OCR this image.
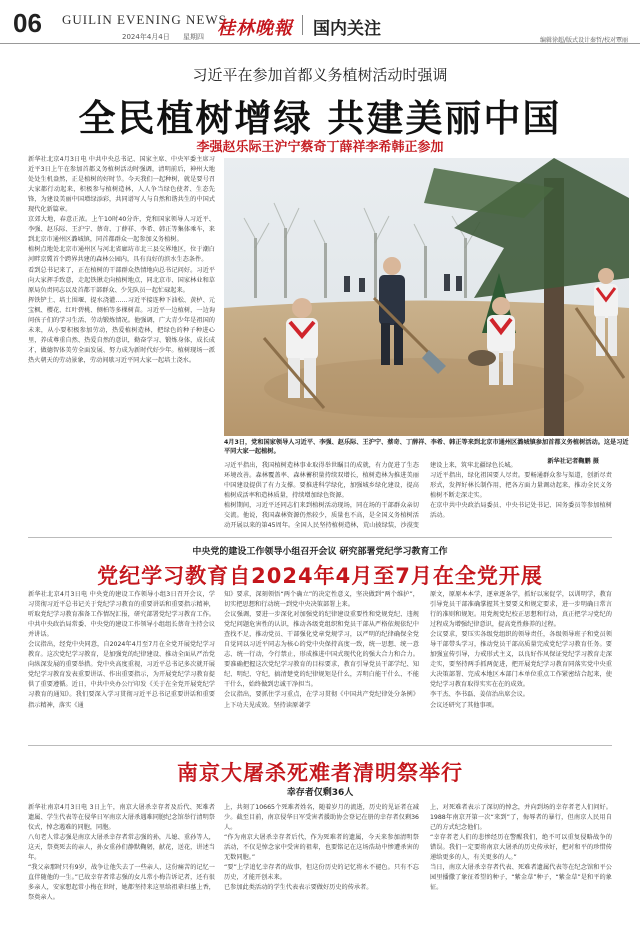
06 GUILIN EVENING NEWS
2024年4月4日 星期四 桂林晚報 国内关注
编辑徐超/版式设计秦哲/校对覃丽
习近平在参加首都义务植树活动时强调
全民植树增绿 共建美丽中国
李强赵乐际王沪宁蔡奇丁薛祥李希韩正参加
新华社北京4月3日电 中共中央总书记、国家主席、中央军委主席习近平3日上午在参加首都义务植树活动时强调，清明前后，神州大地处处生机盎然，正是植树的好时节。今天我们一起种树，就是要号召大家都行动起来，积极参与植树造林，人人争当绿色使者、生态先锋，为建设美丽中国增绿添彩，共同谱写人与自然和谐共生的中国式现代化新篇章。
京郊大地，春意正浓。上午10时40分许，党和国家领导人习近平、李强、赵乐际、王沪宁、蔡奇、丁薛祥、李希、韩正等集体乘车，来到北京市通州区潞城镇，同首都群众一起参加义务植树。
植树点地处北京市通州区与河北省廊坊市北三县交界地区，位于潮白河畔京冀首个跨界共建的森林公园内，具有良好的滨水生态条件。
看到总书记来了，正在植树的干部群众热情地向总书记问好。习近平向大家挥手致意，走起铁锹走向植树地点，同北京市、国家林业和草原局负责同志以及首都干部群众、少先队员一起忙碌起来。
挥铁铲土、培土围堰、提水浇灌……习近平接连种下油松、黄栌、元宝枫、樱花、红叶碧桃、侧柏等多棵树苗。习近平一边植树，一边询问孩子们的学习生活、劳动锻炼情况。他强调，广大青少年是祖国的未来，从小要积极参加劳动，热爱植树造林，把绿色的种子种进心里，养成尊重自然、热爱自然的意识，勤奋学习、锻炼身体，成长成才，做德智体美劳全面发展、努力成为新时代好少年。植树现场一派热火朝天的劳动景象，劳动间歇习近平同大家一起培土浇水。
4月3日，党和国家领导人习近平、李强、赵乐际、王沪宁、蔡奇、丁薛祥、李希、韩正等来到北京市通州区潞城镇参加首都义务植树活动。这是习近平同大家一起植树。
新华社记者鞠鹏 摄
习近平指出，我国植树造林事业取得举世瞩目的成就，有力促进了生态环境改善。森林覆盖率、森林蓄积量持续双增长，植树造林为推进美丽中国建设提供了有力支撑。要推进科学绿化，加强城乡绿化建设，提高植树成活率和造林质量，持续增加绿色资源。
植树期间，习近平还同志们来到植树活动现场，同在场的干部群众亲切交流。他说，我国森林资源仍然较少，质量也不高，是全国义务植树活动开展以来的第45周年。全国人民坚持植树造林，荒山披绿装，沙漠变

建设上来，筑牢北疆绿色长城。
习近平指出，绿化祖国要人尽责。要畅通群众参与渠道，创新尽责形式，发挥好林长制作用，把各方面力量调动起来，推动全民义务植树不断走深走实。
在京中共中央政治局委员、中央书记处书记、国务委员等参加植树活动。
中央党的建设工作领导小组召开会议 研究部署党纪学习教育工作
党纪学习教育自2024年4月至7月在全党开展
新华社北京4月3日电 中央党的建设工作领导小组3日召开会议，学习贯彻习近平总书记关于党纪学习教育的重要讲话和重要指示精神，听取党纪学习教育准备工作情况汇报，研究部署党纪学习教育工作。中共中央政治局常委、中央党的建设工作领导小组组长蔡奇主持会议并讲话。
会议指出，经党中央同意，自2024年4月至7月在全党开展党纪学习教育。这次党纪学习教育，是加强党的纪律建设、推动全面从严治党向纵深发展的重要举措。党中央高度重视，习近平总书记多次就开展党纪学习教育发表重要讲话、作出重要指示，为开展党纪学习教育提供了重要遵循。近日，中共中央办公厅印发《关于在全党开展党纪学习教育的通知》。我们要深入学习贯彻习近平总书记重要讲话和重要指示精神，落实《通
知》要求，深刻领悟“两个确立”的决定性意义，坚决做到“两个维护”，切实把思想和行动统一到党中央决策部署上来。
会议强调，要进一步深化对加强党的纪律建设重要性和党规党纪、违规党纪问题危害性的认识，推动各级党组织和党员干部从严格依规依纪中查找不足，推动党员、干部强化党章党规学习，以严明的纪律确保全党自觉同以习近平同志为核心的党中央保持高度一致，统一思想、统一意志、统一行动，令行禁止，形成推进中国式现代化的强大合力和合力。要准确把握这次党纪学习教育的目标要求，教育引导党员干部学纪、知纪、明纪、守纪，搞清楚党的纪律规矩是什么，弄明白能干什么、不能干什么，始终做到忠诚干净担当。
会议指出，要抓住学习重点，在学习贯彻《中国共产党纪律处分条例》上下功夫见成效。坚持读原著学
原文，原原本本学，逐章逐条学，抓好以案促学，以训明学，教育引导党员干部准确掌握其主要要义和规定要求，进一步明确日常言行的准则和规矩。用党规党纪校正思想和行动，真正把学习党纪的过程成为增强纪律意识，提高党性修养的过程。
会议要求，要压实各级党组织的领导责任，各级领导班子和党员领导干部带头学习，推动党员干部高质量完成党纪学习教育任务。要加强宣传引导，力戒形式主义，以良好作风保证党纪学习教育走深走实，要坚持两手抓两促进，把开展党纪学习教育同落实党中央重大决策部署、完成本地区本部门本单位重点工作紧密结合起来，使党纪学习教育取得实实在在的成效。
李干杰、李书磊、姜信治出席会议。
会议还研究了其他事项。
南京大屠杀死难者清明祭举行
幸存者仅剩36人
新华社南京4月3日电 3日上午，南京大屠杀幸存者及后代、死难者遗属、学生代表等在侵华日军南京大屠杀遇难同胞纪念馆举行清明祭仪式，悼念遇难的同胞，同胞。
八旬老人常志强是南京大屠杀幸存者常志强的孙，儿媳、重孙等人，这天，祭奠死去的亲人，孙女重孙们静默鞠躬，献花，送花，讲述当年。
“我父亲那时只有9岁，战争让他失去了一些亲人，这份痛苦的记忆一直伴随他的一生。”已故幸存者常志强的女儿常小梅告诉记者，还有很多亲人，安家想起常小梅在世时，她都坚持来这里给祖辈扫墓上香，祭奠亲人。
上，共刻了10665个死难者姓名，随着岁月的流逝，历史的见证者在减少。截至目前，南京侵华日军受害者援助协会登记在册的幸存者仅剩36人。
“作为南京大屠杀幸存者后代，作为死难者的遗属，今天来参加清明祭活动，不仅是悼念家中受害的祖辈，也要铭记在这场浩劫中惨遭杀害的无数同胞。”
“要”上学追忆幸存者的故事，但这份历史的记忆将永不褪色。只有不忘历史，才能开创未来。
已参加此类活动的学生代表表示要做好历史的传承者。
上，对死难者表示了深切的悼念，并向到场的幸存者老人们问好。1988年南京开第一次“来到”了，侮辱者的暴行，但南京人民用自己的方式纪念他们。
“幸存者老人们的悲惨经历在警醒我们，绝不可以重复侵略战争的错误。我们一定要将南京大屠杀的历史传承好，把对和平的珍惜传递给更多的人，有关更多的人。”
当日，南京大屠杀幸存者代表、死难者遗属代表等在纪念馆和平公园里播撒了象征希望的种子，“紫金草”种子，“紫金草”是和平的象征。
